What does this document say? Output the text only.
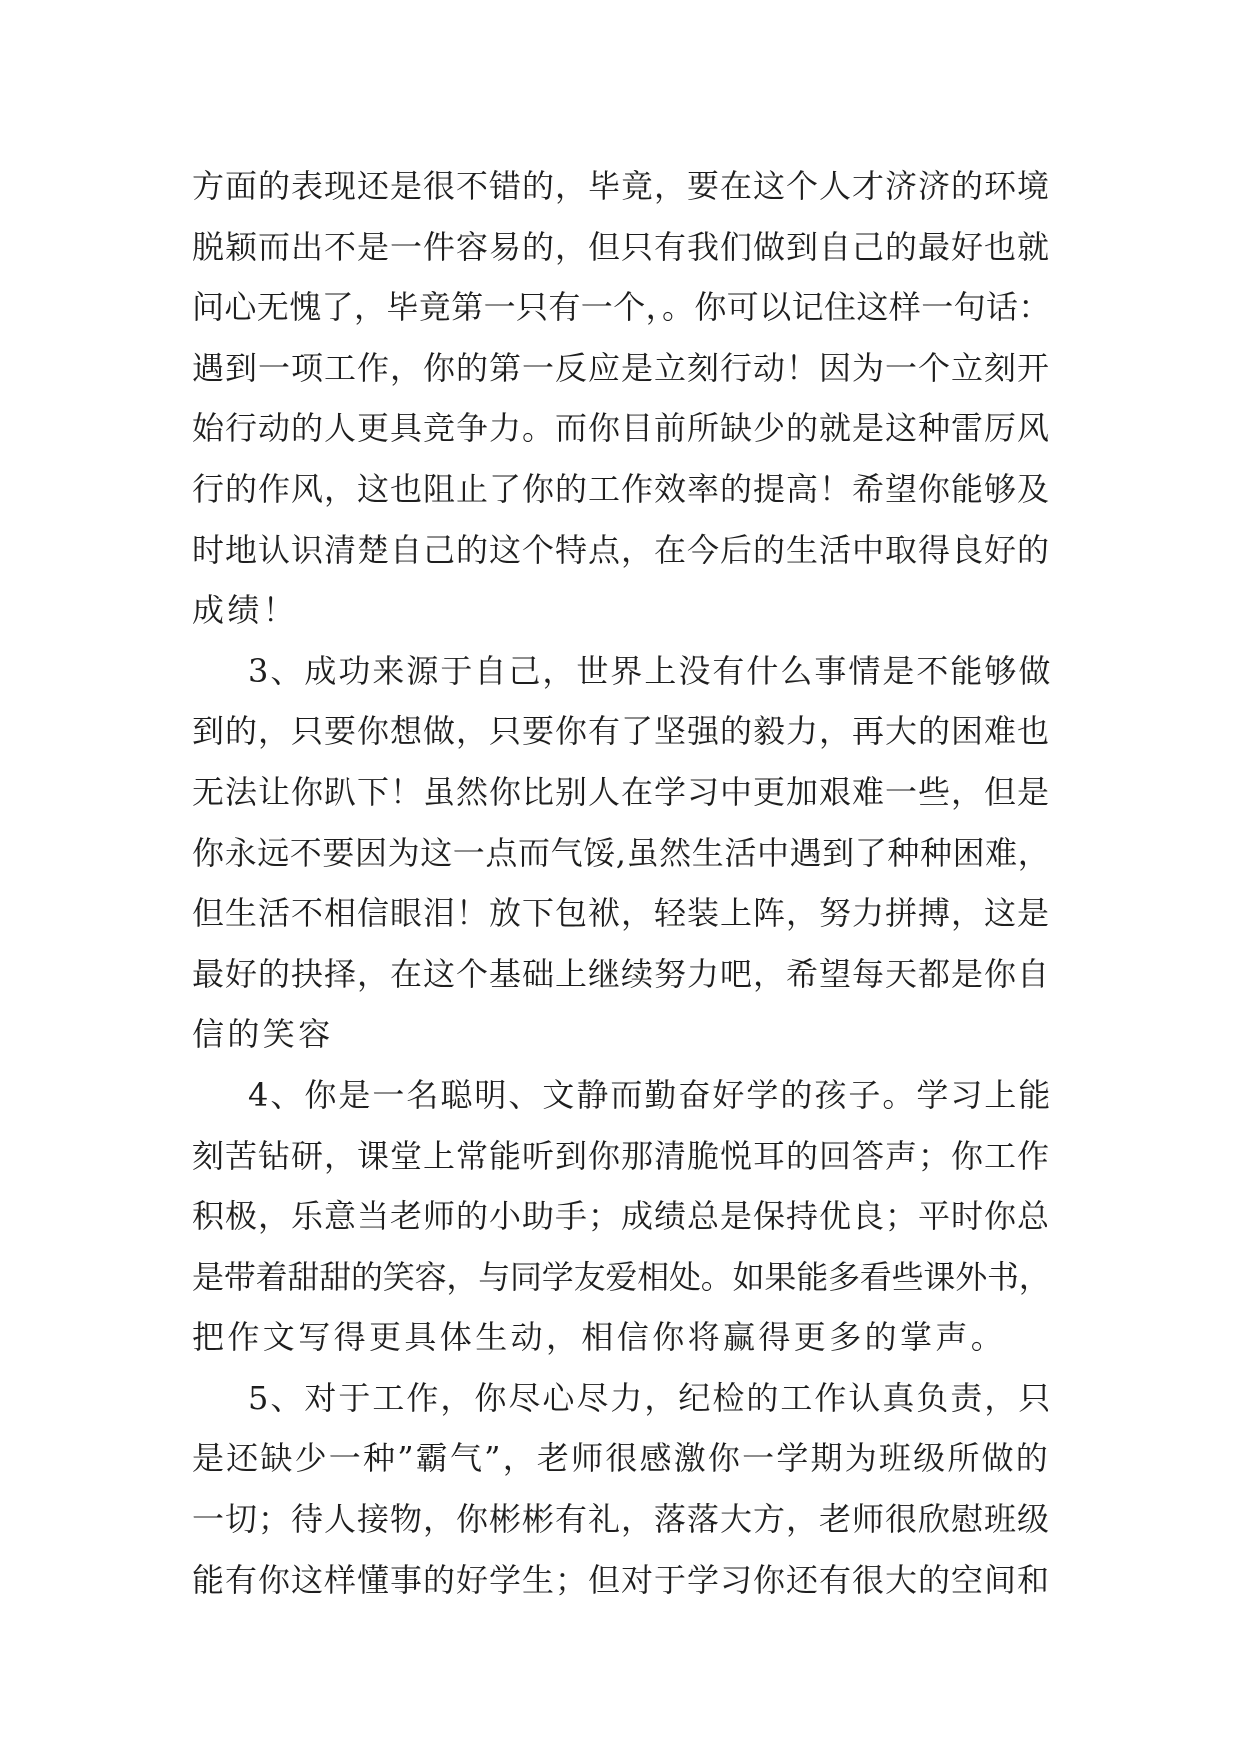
方面的表现还是很不错的，毕竟，要在这个人才济济的环境
脱颖而出不是一件容易的，但只有我们做到自己的最好也就
问心无愧了，毕竟第一只有一个，。你可以记住这样一句话：
遇到一项工作，你的第一反应是立刻行动！因为一个立刻开
始行动的人更具竞争力。而你目前所缺少的就是这种雷厉风
行的作风，这也阻止了你的工作效率的提高！希望你能够及
时地认识清楚自己的这个特点，在今后的生活中取得良好的
成绩！
3、成功来源于自己，世界上没有什么事情是不能够做
到的，只要你想做，只要你有了坚强的毅力，再大的困难也
无法让你趴下！虽然你比别人在学习中更加艰难一些，但是
你永远不要因为这一点而气馁,虽然生活中遇到了种种困难，
但生活不相信眼泪！放下包袱，轻装上阵，努力拼搏，这是
最好的抉择，在这个基础上继续努力吧，希望每天都是你自
信的笑容
4、你是一名聪明、文静而勤奋好学的孩子。学习上能
刻苦钻研，课堂上常能听到你那清脆悦耳的回答声；你工作
积极，乐意当老师的小助手；成绩总是保持优良；平时你总
是带着甜甜的笑容，与同学友爱相处。如果能多看些课外书，
把作文写得更具体生动，相信你将赢得更多的掌声。
5、对于工作，你尽心尽力，纪检的工作认真负责，只
是还缺少一种”霸气”，老师很感激你一学期为班级所做的
一切；待人接物，你彬彬有礼，落落大方，老师很欣慰班级
能有你这样懂事的好学生；但对于学习你还有很大的空间和
